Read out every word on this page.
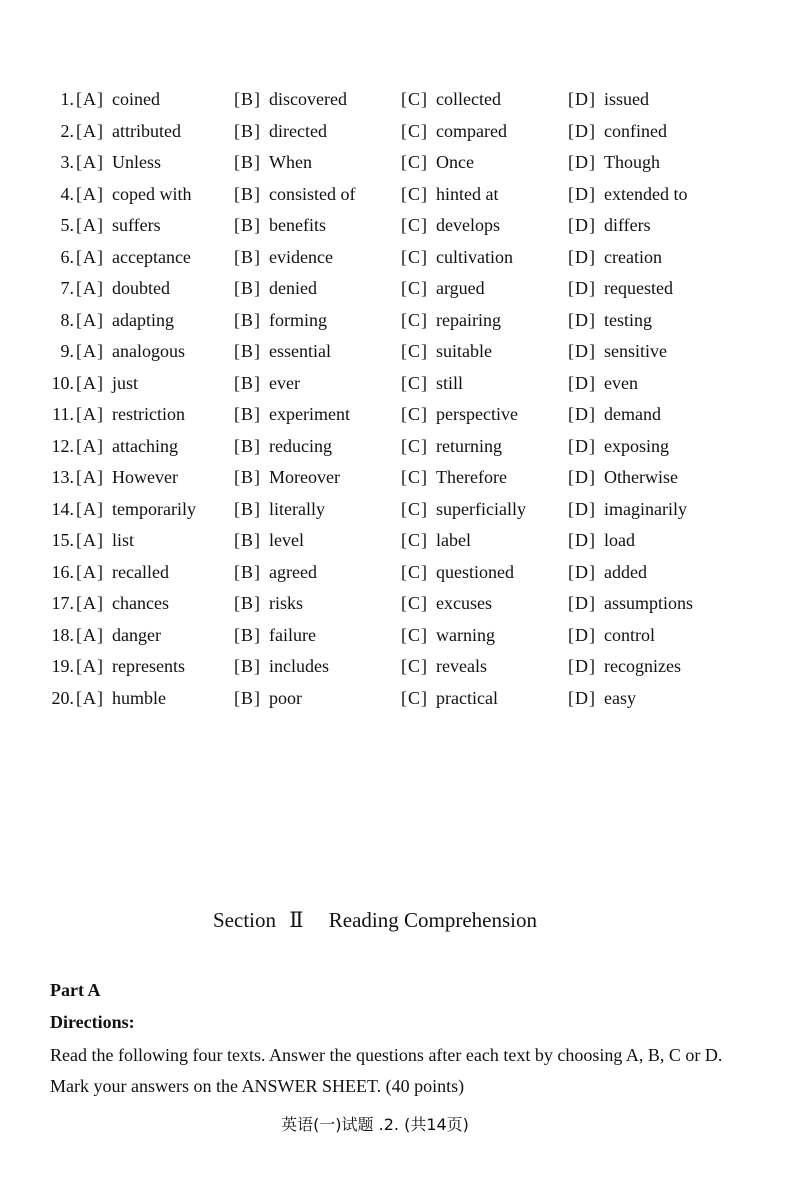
1. [A] coined	[B] discovered	[C] collected	[D] issued
2. [A] attributed	[B] directed	[C] compared	[D] confined
3. [A] Unless	[B] When	[C] Once	[D] Though
4. [A] coped with [B] consisted of	[C] hinted at	[D] extended to
5. [A] suffers	[B] benefits	[C] develops	[D] differs
6. [A] acceptance [B] evidence	[C] cultivation	[D] creation
7. [A] doubted	[B] denied	[C] argued	[D] requested
8. [A] adapting	[B] forming	[C] repairing	[D] testing
9. [A] analogous	[B] essential	[C] suitable	[D] sensitive
10. [A] just	[B] ever	[C] still	[D] even
11. [A] restriction	[B] experiment	[C] perspective	[D] demand
12. [A] attaching	[B] reducing	[C] returning	[D] exposing
13. [A] However	[B] Moreover	[C] Therefore	[D] Otherwise
14. [A] temporarily [B] literally	[C] superficially [D] imaginarily
15. [A] list	[B] level	[C] label	[D] load
16. [A] recalled	[B] agreed	[C] questioned	[D] added
17. [A] chances	[B] risks	[C] excuses	[D] assumptions
18. [A] danger	[B] failure	[C] warning	[D] control
19. [A] represents	[B] includes	[C] reveals	[D] recognizes
20. [A] humble	[B] poor	[C] practical	[D] easy
Section Ⅱ Reading Comprehension
Part A
Directions:
Read the following four texts. Answer the questions after each text by choosing A, B, C or D. Mark your answers on the ANSWER SHEET. (40 points)
英语(一)试题 .2. (共14页)
